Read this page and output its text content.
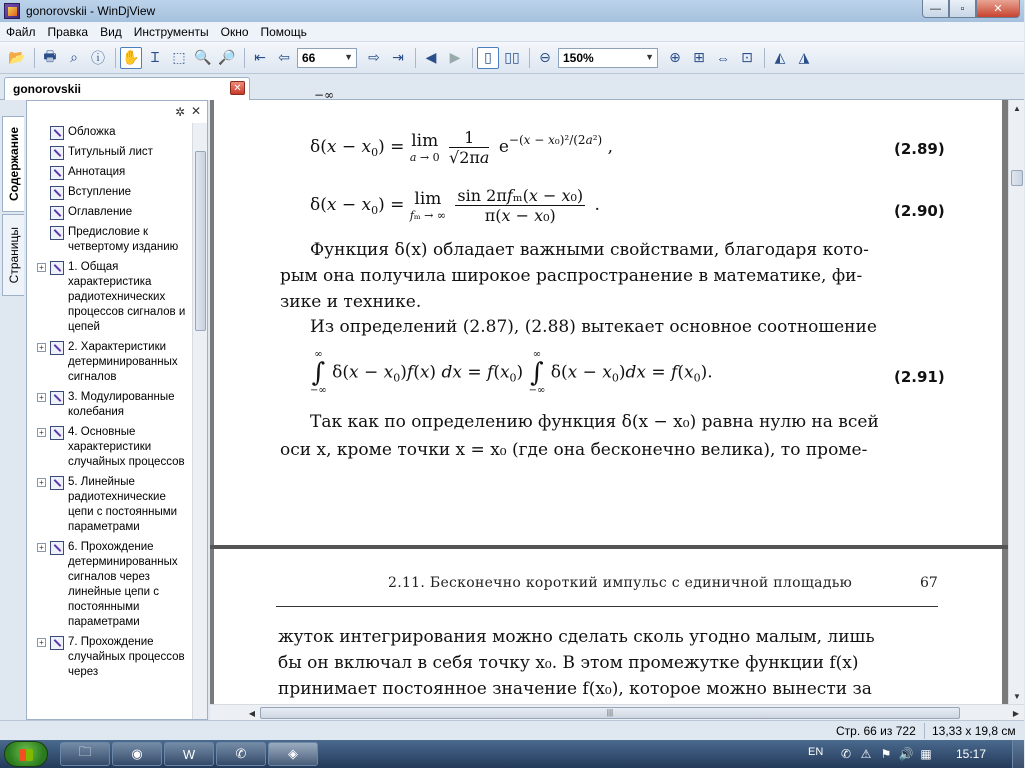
gonorovskii - WinDjView	—	▫	✕
Файл	Правка	Вид	Инструменты	Окно	Помощь
📂	🖶 ⌕ ⓘ ✋ Ɪ ⬚ 🔍 🔎	⇤ ⇦	66	▼	⇨ ⇥	◀ ▶	▯ ▯▯	⊖	150%	▼	⊕ ⊞ ⇔ ⊡	◭ ◮
gonorovskii	✕
Содержание
Страницы
✲ ✕
Обложка
Титульный лист
Аннотация
Вступление
Оглавление
Предисловие к четвертому изданию
+ 1. Общая характеристика радиотехнических процессов сигналов и цепей
+ 2. Характеристики детерминированных сигналов
+ 3. Модулированные колебания
+ 4. Основные характеристики случайных процессов
+ 5. Линейные радиотехнические цепи с постоянными параметрами
+ 6. Прохождение детерминированных сигналов через линейные цепи с постоянными параметрами
+ 7. Прохождение случайных процессов через
−∞
$\delta(x - x_0) = \lim$
a → 0
$\frac{1}{√2\pi a} e^{-(x - x_0)^2/(2a^2)}$ ,	(2.89)
$\delta(x - x_0) = \lim$
fₘ → ∞
$\frac{\text{sin 2πfₘ(x − x₀)}}{\text{π(x − x₀)}}$ .	(2.90)
Функция δ(x) обладает важными свойствами, благодаря кото-
рым она получила широкое распространение в математике, фи-
зике и технике.
Из определений (2.87), (2.88) вытекает основное соотношение
∞
∫
−∞
$\delta(x - x_0)f(x)$ dx = $f(x_0)$
∞
∫
−∞
$\delta(x - x_0)dx = f(x_0)$.	(2.91)
Так как по определению функция δ(x − x₀) равна нулю на всей
оси x, кроме точки x = x₀ (где она бесконечно велика), то проме-
2.11. Бесконечно короткий импульс с единичной площадью	67
жуток интегрирования можно сделать сколь угодно малым, лишь
бы он включал в себя точку x₀. В этом промежутке функции f(x)
принимает постоянное значение f(x₀), которое можно вынести за
▲
▼
◀	|||	▶
Стр. 66 из 722 13,33 x 19,8 см
🗀	◉	W	✆	◈	EN ✆ ⚠ ⚑ 🔊 ▦ 15:17
